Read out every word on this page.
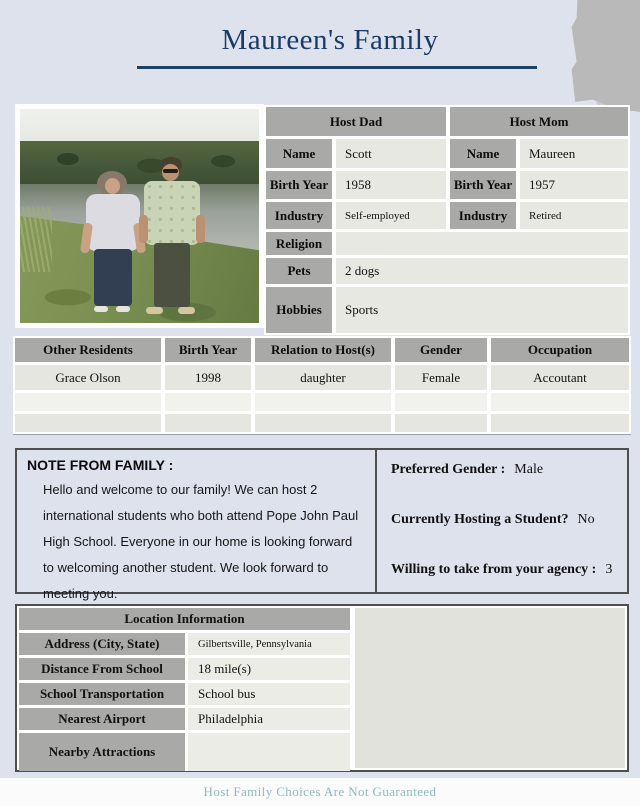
Maureen's Family
Host Dad	Host Mom
Name	Scott	Name	Maureen
Birth Year	1958	Birth Year	1957
Industry	Self-employed	Industry	Retired
Religion
Pets	2 dogs
Hobbies	Sports
Other Residents	Birth Year	Relation to Host(s)	Gender	Occupation
Grace Olson	1998	daughter	Female	Accoutant
NOTE FROM FAMILY :
Hello and welcome to our family! We can host 2 international students who both attend Pope John Paul High School. Everyone in our home is looking forward to welcoming another student. We look forward to meeting you.
Preferred Gender : Male
Currently Hosting a Student? No
Willing to take from your agency : 3
Location Information
Address (City, State)	Gilbertsville, Pennsylvania
Distance From School	18 mile(s)
School Transportation	School bus
Nearest Airport	Philadelphia
Nearby Attractions
Host Family Choices Are Not Guaranteed
